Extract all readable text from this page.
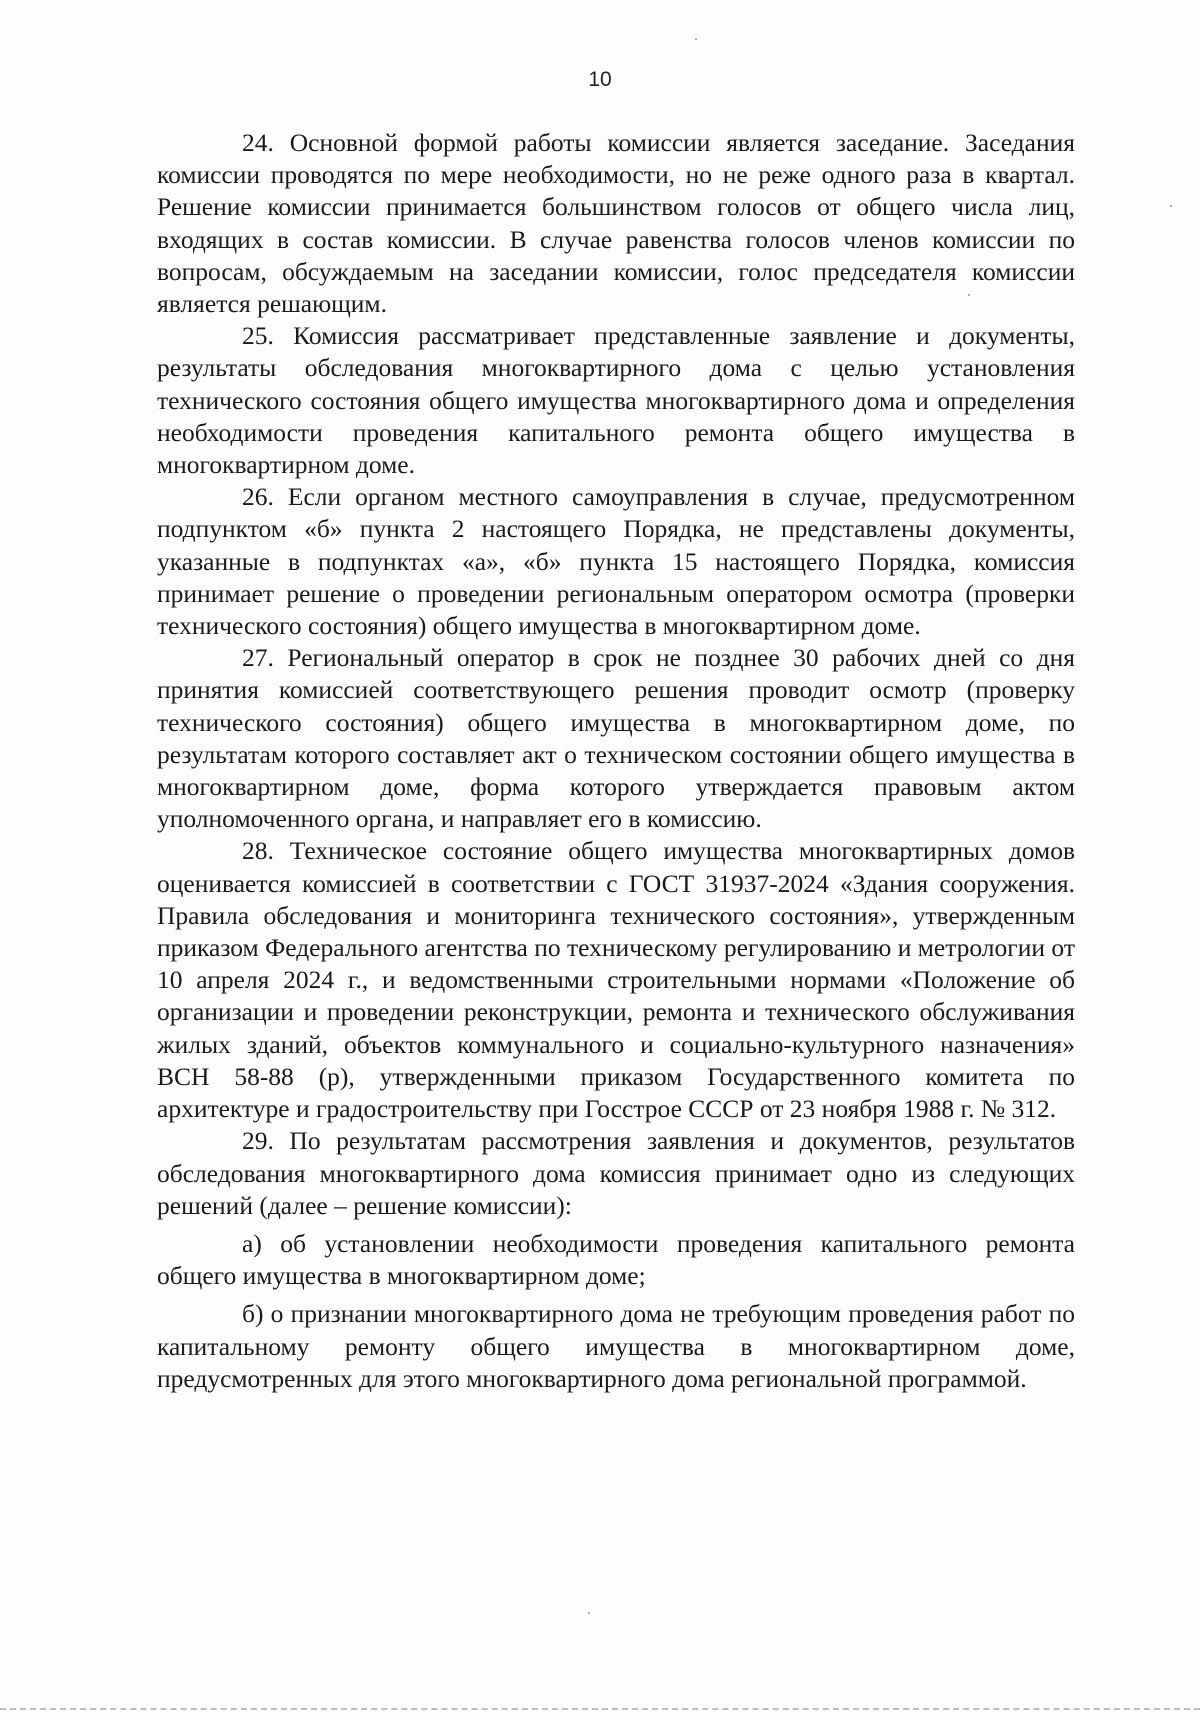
10

24. Основной формой работы комиссии является заседание. Заседания комиссии проводятся по мере необходимости, но не реже одного раза в квартал. Решение комиссии принимается большинством голосов от общего числа лиц, входящих в состав комиссии. В случае равенства голосов членов комиссии по вопросам, обсуждаемым на заседании комиссии, голос председателя комиссии является решающим.

25. Комиссия рассматривает представленные заявление и документы, результаты обследования многоквартирного дома с целью установления технического состояния общего имущества многоквартирного дома и определения необходимости проведения капитального ремонта общего имущества в многоквартирном доме.

26. Если органом местного самоуправления в случае, предусмотренном подпунктом «б» пункта 2 настоящего Порядка, не представлены документы, указанные в подпунктах «а», «б» пункта 15 настоящего Порядка, комиссия принимает решение о проведении региональным оператором осмотра (проверки технического состояния) общего имущества в многоквартирном доме.

27. Региональный оператор в срок не позднее 30 рабочих дней со дня принятия комиссией соответствующего решения проводит осмотр (проверку технического состояния) общего имущества в многоквартирном доме, по результатам которого составляет акт о техническом состоянии общего имущества в многоквартирном доме, форма которого утверждается правовым актом уполномоченного органа, и направляет его в комиссию.

28. Техническое состояние общего имущества многоквартирных домов оценивается комиссией в соответствии с ГОСТ 31937-2024 «Здания сооружения. Правила обследования и мониторинга технического состояния», утвержденным приказом Федерального агентства по техническому регулированию и метрологии от 10 апреля 2024 г., и ведомственными строительными нормами «Положение об организации и проведении реконструкции, ремонта и технического обслуживания жилых зданий, объектов коммунального и социально-культурного назначения» ВСН 58-88 (р), утвержденными приказом Государственного комитета по архитектуре и градостроительству при Госстрое СССР от 23 ноября 1988 г. № 312.

29. По результатам рассмотрения заявления и документов, результатов обследования многоквартирного дома комиссия принимает одно из следующих решений (далее – решение комиссии):

а) об установлении необходимости проведения капитального ремонта общего имущества в многоквартирном доме;

б) о признании многоквартирного дома не требующим проведения работ по капитальному ремонту общего имущества в многоквартирном доме, предусмотренных для этого многоквартирного дома региональной программой.
